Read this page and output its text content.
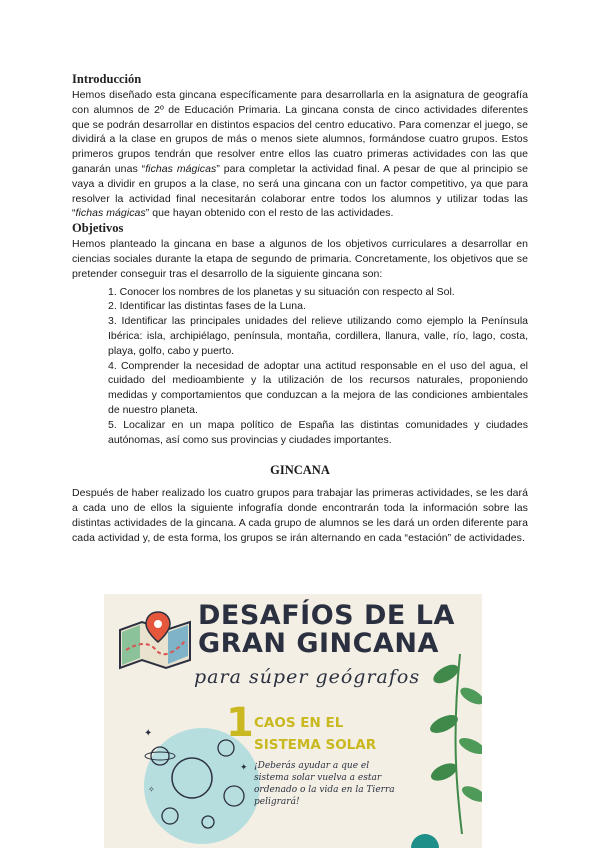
Introducción

Hemos diseñado esta gincana específicamente para desarrollarla en la asignatura de geografía con alumnos de 2º de Educación Primaria. La gincana consta de cinco actividades diferentes que se podrán desarrollar en distintos espacios del centro educativo. Para comenzar el juego, se dividirá a la clase en grupos de más o menos siete alumnos, formándose cuatro grupos. Estos primeros grupos tendrán que resolver entre ellos las cuatro primeras actividades con las que ganarán unas “fichas mágicas” para completar la actividad final. A pesar de que al principio se vaya a dividir en grupos a la clase, no será una gincana con un factor competitivo, ya que para resolver la actividad final necesitarán colaborar entre todos los alumnos y utilizar todas las “fichas mágicas” que hayan obtenido con el resto de las actividades.

Objetivos

Hemos planteado la gincana en base a algunos de los objetivos curriculares a desarrollar en ciencias sociales durante la etapa de segundo de primaria. Concretamente, los objetivos que se pretender conseguir tras el desarrollo de la siguiente gincana son:

1. Conocer los nombres de los planetas y su situación con respecto al Sol.
2. Identificar las distintas fases de la Luna.
3. Identificar las principales unidades del relieve utilizando como ejemplo la Península Ibérica: isla, archipiélago, península, montaña, cordillera, llanura, valle, río, lago, costa, playa, golfo, cabo y puerto.
4. Comprender la necesidad de adoptar una actitud responsable en el uso del agua, el cuidado del medioambiente y la utilización de los recursos naturales, proponiendo medidas y comportamientos que conduzcan a la mejora de las condiciones ambientales de nuestro planeta.
5. Localizar en un mapa político de España las distintas comunidades y ciudades autónomas, así como sus provincias y ciudades importantes.
GINCANA

Después de haber realizado los cuatro grupos para trabajar las primeras actividades, se les dará a cada uno de ellos la siguiente infografía donde encontrarán toda la información sobre las distintas actividades de la gincana. A cada grupo de alumnos se les dará un orden diferente para cada actividad y, de esta forma, los grupos se irán alternando en cada “estación” de actividades.

DESAFÍOS DE LA
GRAN GINCANA
para súper geógrafos
✦
✦
✧
1 CAOS EN EL
SISTEMA SOLAR
¡Deberás ayudar a que el sistema solar vuelva a estar ordenado o la vida en la Tierra peligrará!
